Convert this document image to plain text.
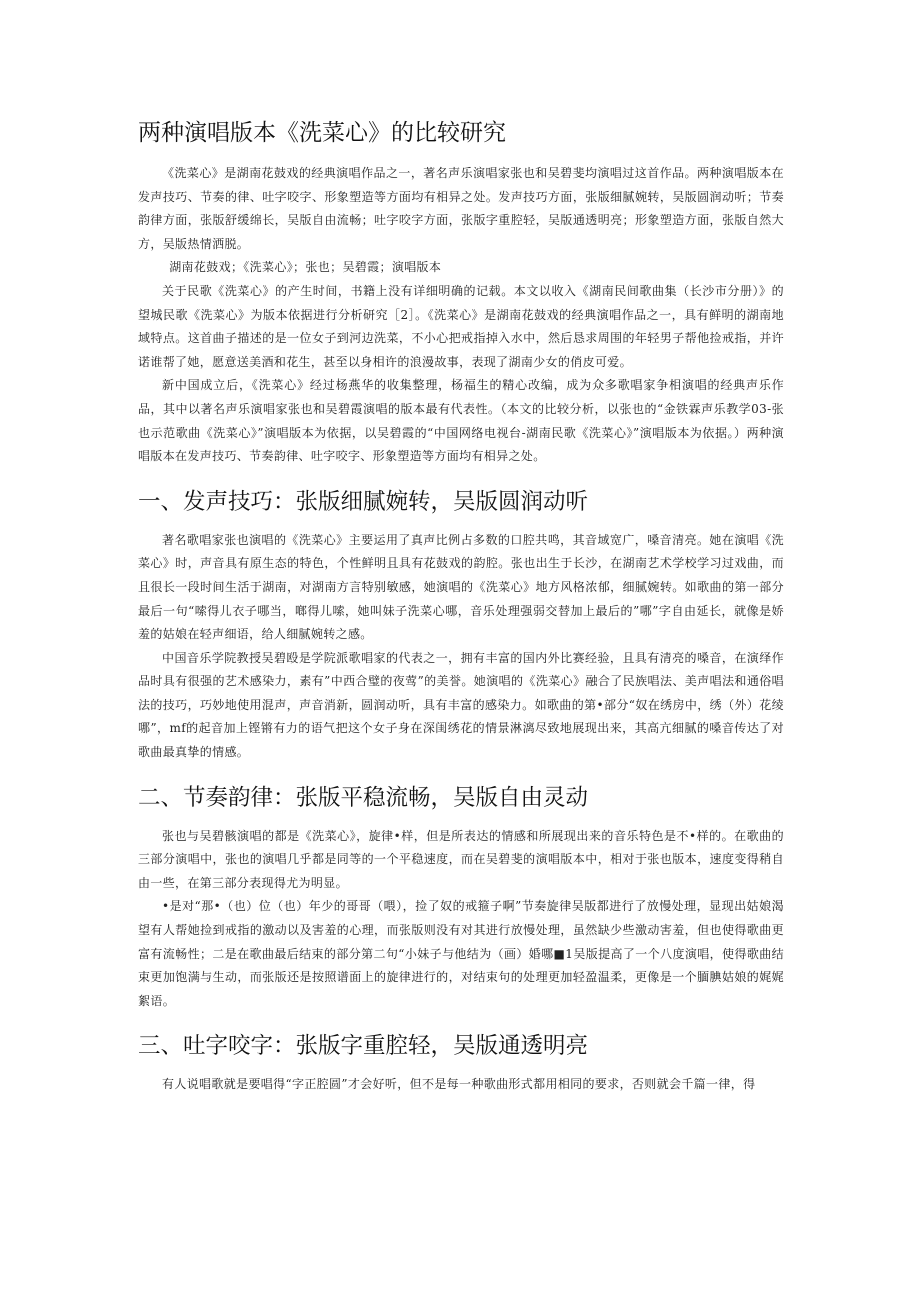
两种演唱版本《洗菜心》的比较研究

《洗菜心》是湖南花鼓戏的经典演唱作品之一，著名声乐演唱家张也和吴碧斐均演唱过这首作品。两种演唱版本在发声技巧、节奏的律、吐字咬字、形象塑造等方面均有相异之处。发声技巧方面，张版细腻婉转，吴版圆润动听；节奏韵律方面，张版舒缓绵长，吴版自由流畅；吐字咬字方面，张版字重腔轻，吴版通透明亮；形象塑造方面，张版自然大方，吴版热情洒脱。

湖南花鼓戏；《洗菜心》；张也；吴碧霞；演唱版本

关于民歌《洗菜心》的产生时间，书籍上没有详细明确的记载。本文以收入《湖南民间歌曲集（长沙市分册）》的望城民歌《洗菜心》为版本依据进行分析研究［2］。《洗菜心》是湖南花鼓戏的经典演唱作品之一，具有鲜明的湖南地域特点。这首曲子描述的是一位女子到河边洗菜，不小心把戒指掉入水中，然后恳求周围的年轻男子帮他捡戒指，并许诺谁帮了她，愿意送美酒和花生，甚至以身相许的浪漫故事，表现了湖南少女的俏皮可爱。

新中国成立后，《洗菜心》经过杨燕华的收集整理，杨福生的精心改编，成为众多歌唱家争相演唱的经典声乐作品，其中以著名声乐演唱家张也和吴碧霞演唱的版本最有代表性。（本文的比较分析，以张也的“金铁霖声乐教学03-张也示范歌曲《洗菜心》”演唱版本为依据，以吴碧霞的“中国网络电视台-湖南民歌《洗菜心》”演唱版本为依据。）两种演唱版本在发声技巧、节奏韵律、吐字咬字、形象塑造等方面均有相异之处。

一、发声技巧：张版细腻婉转，吴版圆润动听

著名歌唱家张也演唱的《洗菜心》主要运用了真声比例占多数的口腔共鸣，其音域宽广，嗓音清亮。她在演唱《洗菜心》时，声音具有原生态的特色，个性鲜明且具有花鼓戏的韵腔。张也出生于长沙，在湖南艺术学校学习过戏曲，而且很长一段时间生活于湖南，对湖南方言特别敏感，她演唱的《洗菜心》地方风格浓郁，细腻婉转。如歌曲的第一部分最后一句“嗦得儿衣子哪当，啷得儿嗦，她叫妹子洗菜心哪，音乐处理强弱交替加上最后的”哪”字自由延长，就像是娇羞的姑娘在轻声细语，给人细腻婉转之感。

中国音乐学院教授吴碧殴是学院派歌唱家的代表之一，拥有丰富的国内外比赛经验，且具有清亮的嗓音，在演绎作品时具有很强的艺术感染力，素有”中西合璧的夜莺”的美誉。她演唱的《洗菜心》融合了民族唱法、美声唱法和通俗唱法的技巧，巧妙地使用混声，声音消新，圆润动听，具有丰富的感染力。如歌曲的第•部分“奴在绣房中，绣（外）花绫哪”，mf的起音加上铿锵有力的语气把这个女子身在深闺绣花的情景淋漓尽致地展现出来，其高亢细腻的嗓音传达了对歌曲最真挚的情感。

二、节奏韵律：张版平稳流畅，吴版自由灵动

张也与吴碧骸演唱的都是《洗菜心》，旋律•样，但是所表达的情感和所展现出来的音乐特色是不•样的。在歌曲的三部分演唱中，张也的演唱几乎都是同等的一个平稳速度，而在吴碧斐的演唱版本中，相对于张也版本，速度变得稍自由一些，在第三部分表现得尤为明显。

•是对“那•（也）位（也）年少的哥哥（喂），捡了奴的戒箍子啊”节奏旋律吴版都进行了放慢处理，显现出姑娘渴望有人帮她捡到戒指的激动以及害羞的心理，而张版则没有对其进行放慢处理，虽然缺少些激动害羞，但也使得歌曲更富有流畅性；二是在歌曲最后结束的部分第二句“小妹子与他结为（画）婚哪■1吴版提高了一个八度演唱，使得歌曲结束更加饱满与生动，而张版还是按照谱面上的旋律进行的，对结束句的处理更加轻盈温柔，更像是一个腼腆姑娘的娓娓絮语。

三、吐字咬字：张版字重腔轻，吴版通透明亮

有人说唱歌就是要唱得“字正腔圆”才会好听，但不是每一种歌曲形式都用相同的要求，否则就会千篇一律，得
